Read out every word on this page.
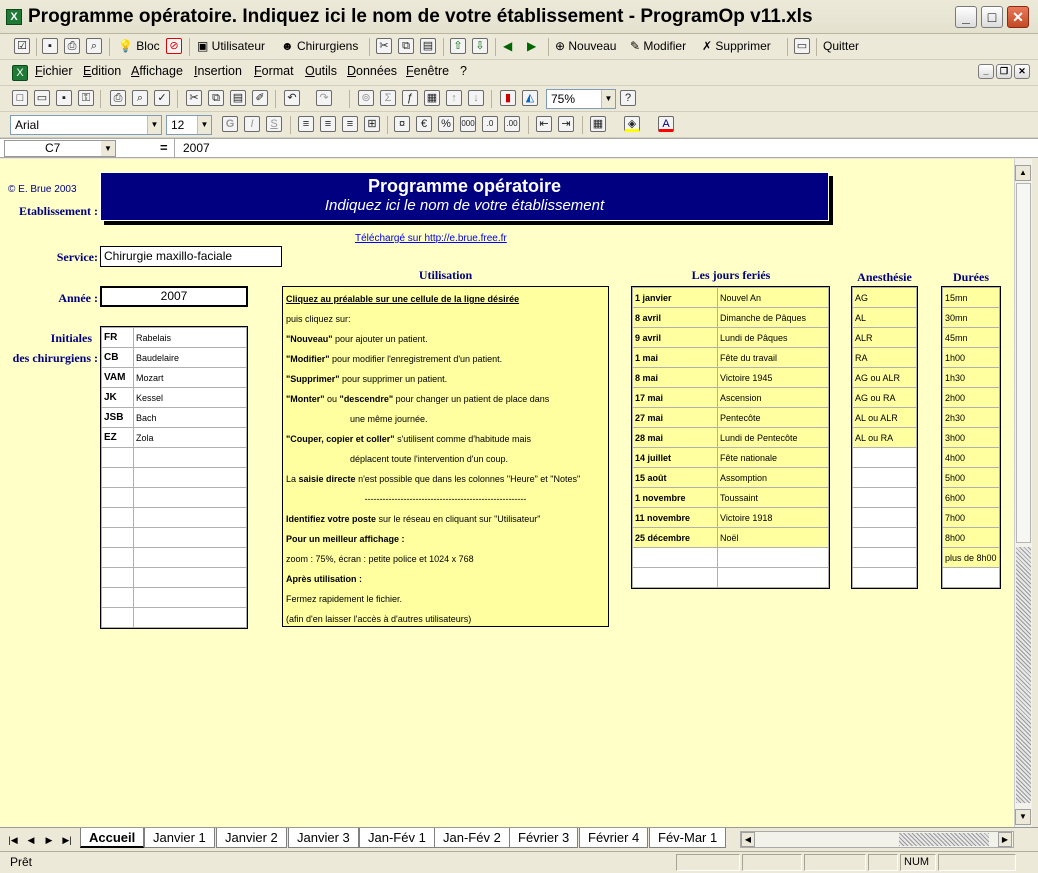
X Programme opératoire. Indiquez ici le nom de votre établissement - ProgramOp v11.xls	_	□	✕
☑	▪	⎙	⌕	💡 Bloc ⊘ ▣ Utilisateur ☻ Chirurgiens	✂	⧉	▤	⇧	⇩ ◀ ▶ ⊕ Nouveau ✎ Modifier ✗ Supprimer ▭ Quitter
X Fichier Edition Affichage Insertion Format Outils Données Fenêtre ?	_	❐	✕
□	▭	▪	⚿	⎙	⌕	✓	✂	⧉	▤	✐	↶	↷	⊚	Σ	ƒ	▦	↑	↓	▮	◭	75%	▼	?
Arial	▼	12	▼	G	I	S	≡	≡	≡	⊞	¤	€	%	000	.0	.00	⇤	⇥	▦	◈	A
C7	▼	=	2007
© E. Brue 2003
Etablissement :
Programme opératoire
Indiquez ici le nom de votre établissement
Téléchargé sur http://e.brue.free.fr
Service: Chirurgie maxillo-faciale
Année :	2007
Initiales
des chirurgiens :
FR	Rabelais
CB	Baudelaire
VAM	Mozart
JK	Kessel
JSB	Bach
EZ	Zola

Utilisation
Cliquez au préalable sur une cellule de la ligne désirée
puis cliquez sur:
"Nouveau" pour ajouter un patient.
"Modifier" pour modifier l'enregistrement d'un patient.
"Supprimer" pour supprimer un patient.
"Monter" ou "descendre" pour changer un patient de place dans
une même journée.
"Couper, copier et coller" s'utilisent comme d'habitude mais
déplacent toute l'intervention d'un coup.
La saisie directe n'est possible que dans les colonnes "Heure" et "Notes"
------------------------------------------------------
Identifiez votre poste sur le réseau en cliquant sur "Utilisateur"
Pour un meilleur affichage :
zoom : 75%, écran : petite police et 1024 x 768
Après utilisation :
Fermez rapidement le fichier.
(afin d'en laisser l'accès à d'autres utilisateurs)
Les jours feriés
1 janvier	Nouvel An
8 avril	Dimanche de Pâques
9 avril	Lundi de Pâques
1 mai	Fête du travail
8 mai	Victoire 1945
17 mai	Ascension
27 mai	Pentecôte
28 mai	Lundi de Pentecôte
14 juillet	Fête nationale
15 août	Assomption
1 novembre	Toussaint
11 novembre	Victoire 1918
25 décembre	Noël

Anesthésie
AG
AL
ALR
RA
AG ou ALR
AG ou RA
AL ou ALR
AL ou RA

Durées
15mn
30mn
45mn
1h00
1h30
2h00
2h30
3h00
4h00
5h00
6h00
7h00
8h00
plus de 8h00

▲
▼
|◀	◀	▶	▶|	Accueil	Janvier 1	Janvier 2	Janvier 3	Jan-Fév 1	Jan-Fév 2	Février 3	Février 4	Fév-Mar 1	◀	▶
Prêt	NUM
